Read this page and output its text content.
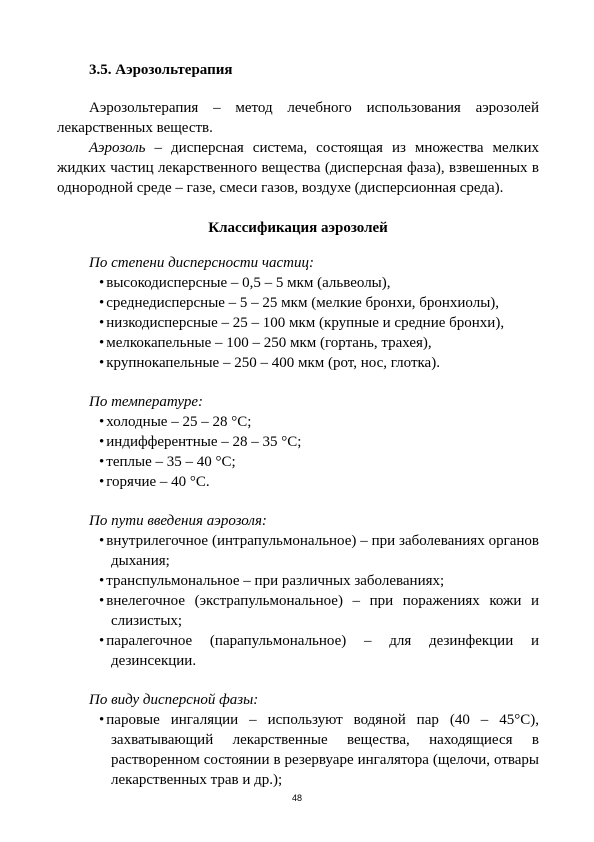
3.5. Аэрозольтерапия

Аэрозольтерапия – метод лечебного использования аэрозолей лекарственных веществ.

Аэрозоль – дисперсная система, состоящая из множества мелких жидких частиц лекарственного вещества (дисперсная фаза), взвешенных в однородной среде – газе, смеси газов, воздухе (дисперсионная среда).

Классификация аэрозолей
По степени дисперсности частиц:
• высокодисперсные – 0,5 – 5 мкм (альвеолы),
• среднедисперсные – 5 – 25 мкм (мелкие бронхи, бронхиолы),
• низкодисперсные – 25 – 100 мкм (крупные и средние бронхи),
• мелкокапельные – 100 – 250 мкм (гортань, трахея),
• крупнокапельные – 250 – 400 мкм (рот, нос, глотка).
По температуре:
• холодные – 25 – 28 °С;
• индифферентные – 28 – 35 °С;
• теплые – 35 – 40 °С;
• горячие – 40 °С.
По пути введения аэрозоля:
• внутрилегочное (интрапульмональное) – при заболеваниях органов дыхания;
• транспульмональное – при различных заболеваниях;
• внелегочное (экстрапульмональное) – при поражениях кожи и слизистых;
• паралегочное (парапульмональное) – для дезинфекции и дезинсекции.
По виду дисперсной фазы:
• паровые ингаляции – используют водяной пар (40 – 45°С), захватывающий лекарственные вещества, находящиеся в растворенном состоянии в резервуаре ингалятора (щелочи, отвары лекарственных трав и др.);
48
